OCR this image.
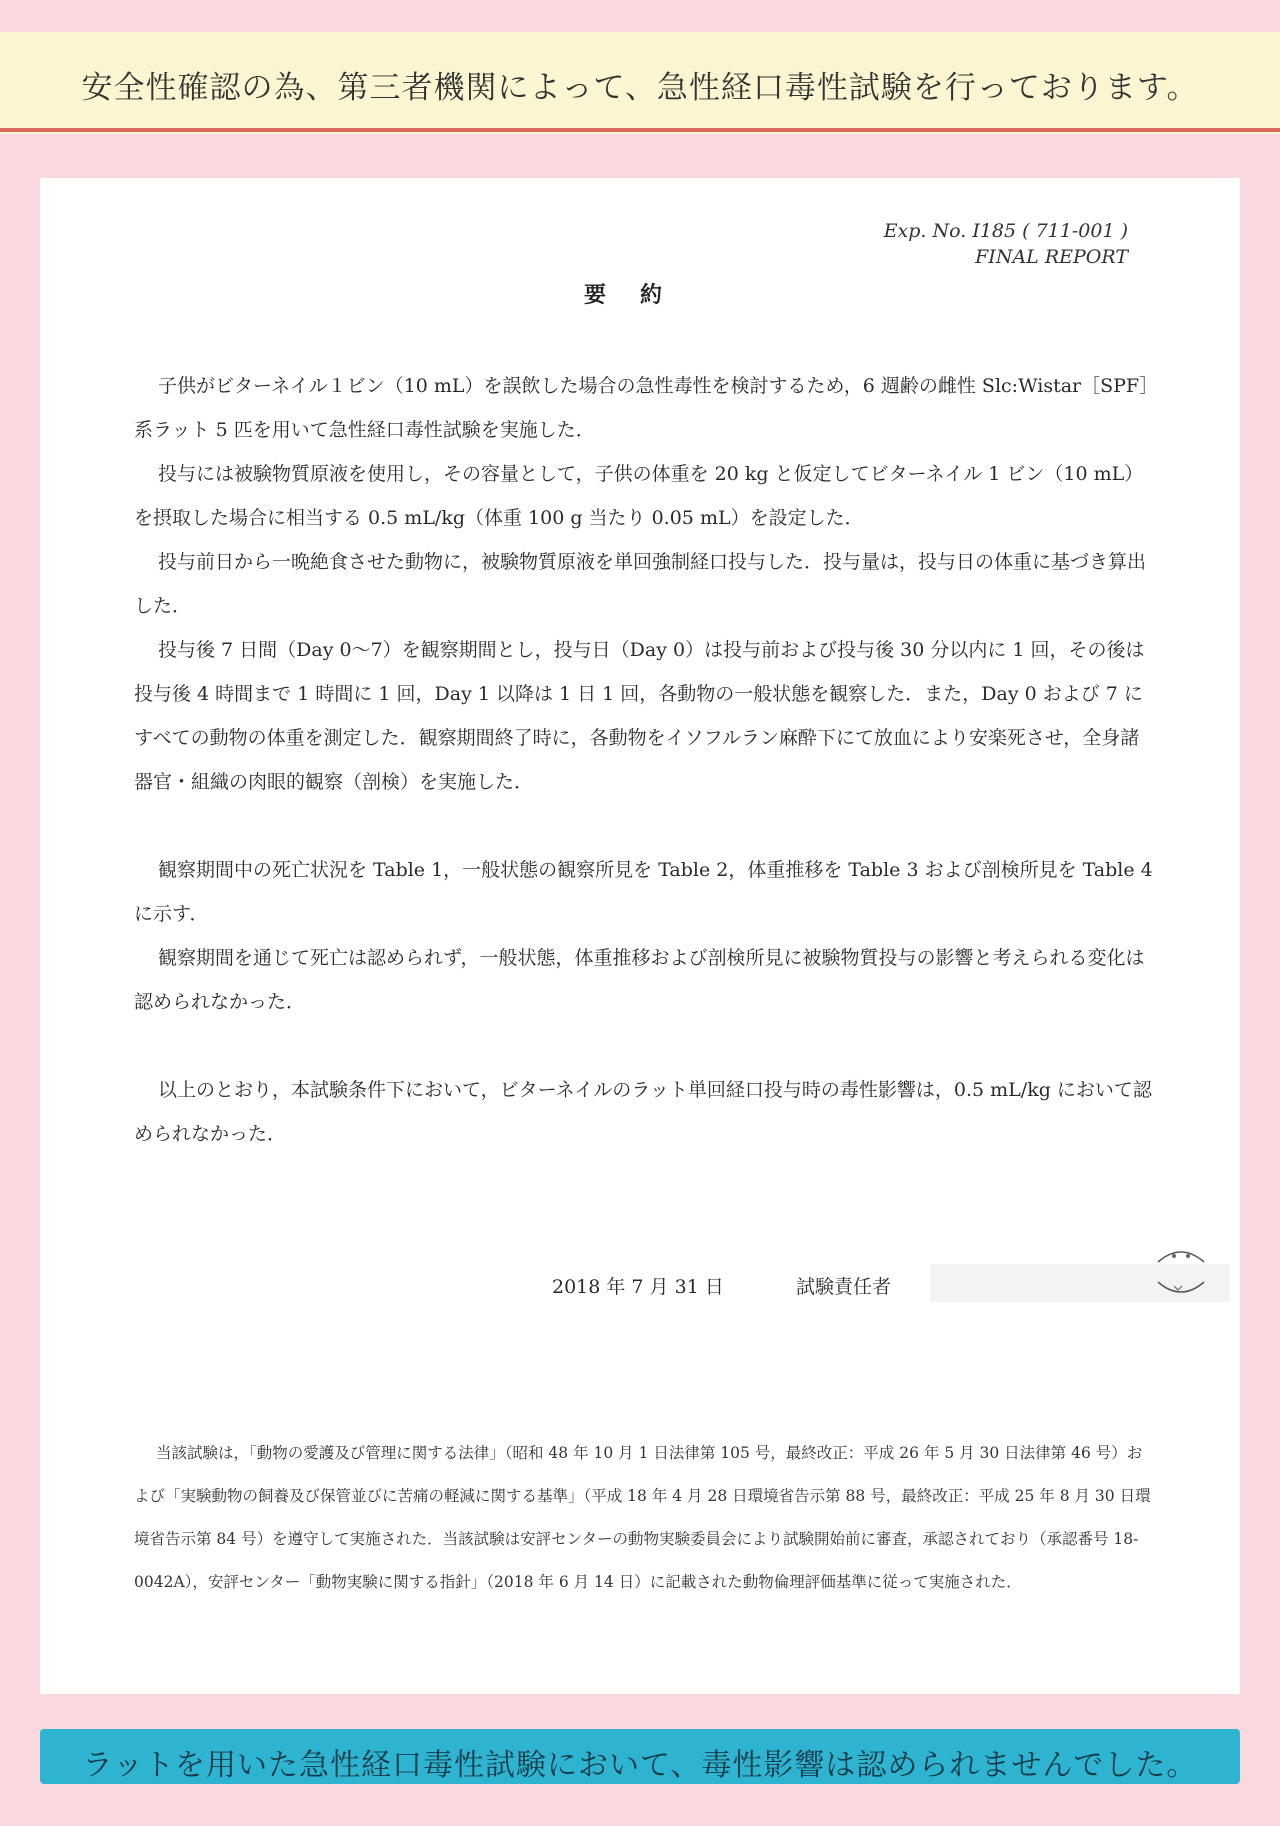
安全性確認の為、第三者機関によって、急性経口毒性試験を行っております。
Exp. No. I185 ( 711-001 )
FINAL REPORT
要約

子供がビターネイル１ビン（10 mL）を誤飲した場合の急性毒性を検討するため，6 週齢の雌性 Slc:Wistar［SPF］系ラット 5 匹を用いて急性経口毒性試験を実施した．

投与には被験物質原液を使用し，その容量として，子供の体重を 20 kg と仮定してビターネイル 1 ビン（10 mL）を摂取した場合に相当する 0.5 mL/kg（体重 100 g 当たり 0.05 mL）を設定した．

投与前日から一晩絶食させた動物に，被験物質原液を単回強制経口投与した．投与量は，投与日の体重に基づき算出した．

投与後 7 日間（Day 0〜7）を観察期間とし，投与日（Day 0）は投与前および投与後 30 分以内に 1 回，その後は投与後 4 時間まで 1 時間に 1 回，Day 1 以降は 1 日 1 回，各動物の一般状態を観察した．また，Day 0 および 7 にすべての動物の体重を測定した．観察期間終了時に，各動物をイソフルラン麻酔下にて放血により安楽死させ，全身諸器官・組織の肉眼的観察（剖検）を実施した．

観察期間中の死亡状況を Table 1，一般状態の観察所見を Table 2，体重推移を Table 3 および剖検所見を Table 4 に示す．

観察期間を通じて死亡は認められず，一般状態，体重推移および剖検所見に被験物質投与の影響と考えられる変化は認められなかった．

以上のとおり，本試験条件下において，ビターネイルのラット単回経口投与時の毒性影響は，0.5 mL/kg において認められなかった．

2018 年 7 月 31 日	試験責任者

当該試験は，「動物の愛護及び管理に関する法律」（昭和 48 年 10 月 1 日法律第 105 号，最終改正：平成 26 年 5 月 30 日法律第 46 号）および「実験動物の飼養及び保管並びに苦痛の軽減に関する基準」（平成 18 年 4 月 28 日環境省告示第 88 号，最終改正：平成 25 年 8 月 30 日環境省告示第 84 号）を遵守して実施された．当該試験は安評センターの動物実験委員会により試験開始前に審査，承認されており（承認番号 18-0042A），安評センター「動物実験に関する指針」（2018 年 6 月 14 日）に記載された動物倫理評価基準に従って実施された．

ラットを用いた急性経口毒性試験において、毒性影響は認められませんでした。
